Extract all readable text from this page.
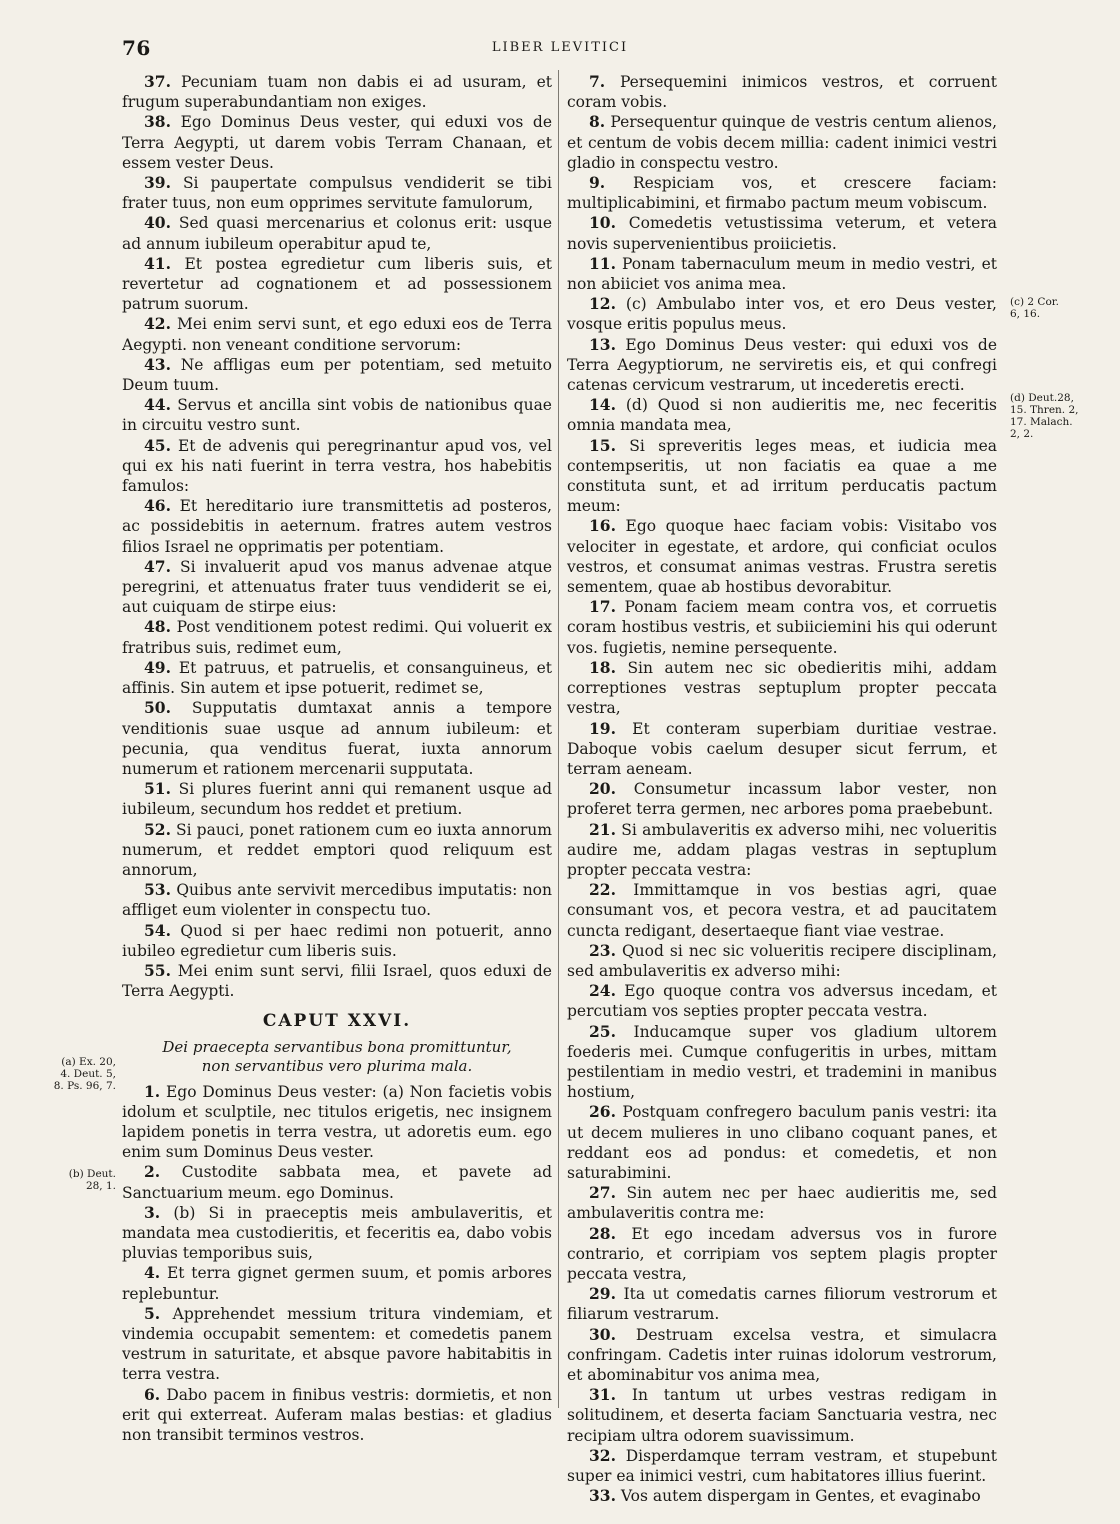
76	LIBER LEVITICI

37. Pecuniam tuam non dabis ei ad usuram, et frugum superabundantiam non exiges.

38. Ego Dominus Deus vester, qui eduxi vos de Terra Aegypti, ut darem vobis Terram Chanaan, et essem vester Deus.

39. Si paupertate compulsus vendiderit se tibi frater tuus, non eum opprimes servitute famulorum,

40. Sed quasi mercenarius et colonus erit: usque ad annum iubileum operabitur apud te,

41. Et postea egredietur cum liberis suis, et revertetur ad cognationem et ad possessionem patrum suorum.

42. Mei enim servi sunt, et ego eduxi eos de Terra Aegypti. non veneant conditione servorum:

43. Ne affligas eum per potentiam, sed metuito Deum tuum.

44. Servus et ancilla sint vobis de nationibus quae in circuitu vestro sunt.

45. Et de advenis qui peregrinantur apud vos, vel qui ex his nati fuerint in terra vestra, hos habebitis famulos:

46. Et hereditario iure transmittetis ad posteros, ac possidebitis in aeternum. fratres autem vestros filios Israel ne opprimatis per potentiam.

47. Si invaluerit apud vos manus advenae atque peregrini, et attenuatus frater tuus vendiderit se ei, aut cuiquam de stirpe eius:

48. Post venditionem potest redimi. Qui voluerit ex fratribus suis, redimet eum,

49. Et patruus, et patruelis, et consanguineus, et affinis. Sin autem et ipse potuerit, redimet se,

50. Supputatis dumtaxat annis a tempore venditionis suae usque ad annum iubileum: et pecunia, qua venditus fuerat, iuxta annorum numerum et rationem mercenarii supputata.

51. Si plures fuerint anni qui remanent usque ad iubileum, secundum hos reddet et pretium.

52. Si pauci, ponet rationem cum eo iuxta annorum numerum, et reddet emptori quod reliquum est annorum,

53. Quibus ante servivit mercedibus imputatis: non affliget eum violenter in conspectu tuo.

54. Quod si per haec redimi non potuerit, anno iubileo egredietur cum liberis suis.

55. Mei enim sunt servi, filii Israel, quos eduxi de Terra Aegypti.

CAPUT XXVI.
Dei praecepta servantibus bona promittuntur,
non servantibus vero plurima mala.

1. Ego Dominus Deus vester: (a) Non facietis vobis idolum et sculptile, nec titulos erigetis, nec insignem lapidem ponetis in terra vestra, ut adoretis eum. ego enim sum Dominus Deus vester.

2. Custodite sabbata mea, et pavete ad Sanctuarium meum. ego Dominus.

3. (b) Si in praeceptis meis ambulaveritis, et mandata mea custodieritis, et feceritis ea, dabo vobis pluvias temporibus suis,

4. Et terra gignet germen suum, et pomis arbores replebuntur.

5. Apprehendet messium tritura vindemiam, et vindemia occupabit sementem: et comedetis panem vestrum in saturitate, et absque pavore habitabitis in terra vestra.

6. Dabo pacem in finibus vestris: dormietis, et non erit qui exterreat. Auferam malas bestias: et gladius non transibit terminos vestros.

7. Persequemini inimicos vestros, et corruent coram vobis.

8. Persequentur quinque de vestris centum alienos, et centum de vobis decem millia: cadent inimici vestri gladio in conspectu vestro.

9. Respiciam vos, et crescere faciam: multiplicabimini, et firmabo pactum meum vobiscum.

10. Comedetis vetustissima veterum, et vetera novis supervenientibus proiicietis.

11. Ponam tabernaculum meum in medio vestri, et non abiiciet vos anima mea.

12. (c) Ambulabo inter vos, et ero Deus vester, vosque eritis populus meus.

13. Ego Dominus Deus vester: qui eduxi vos de Terra Aegyptiorum, ne serviretis eis, et qui confregi catenas cervicum vestrarum, ut incederetis erecti.

14. (d) Quod si non audieritis me, nec feceritis omnia mandata mea,

15. Si spreveritis leges meas, et iudicia mea contempseritis, ut non faciatis ea quae a me constituta sunt, et ad irritum perducatis pactum meum:

16. Ego quoque haec faciam vobis: Visitabo vos velociter in egestate, et ardore, qui conficiat oculos vestros, et consumat animas vestras. Frustra seretis sementem, quae ab hostibus devorabitur.

17. Ponam faciem meam contra vos, et corruetis coram hostibus vestris, et subiiciemini his qui oderunt vos. fugietis, nemine persequente.

18. Sin autem nec sic obedieritis mihi, addam correptiones vestras septuplum propter peccata vestra,

19. Et conteram superbiam duritiae vestrae. Daboque vobis caelum desuper sicut ferrum, et terram aeneam.

20. Consumetur incassum labor vester, non proferet terra germen, nec arbores poma praebebunt.

21. Si ambulaveritis ex adverso mihi, nec volueritis audire me, addam plagas vestras in septuplum propter peccata vestra:

22. Immittamque in vos bestias agri, quae consumant vos, et pecora vestra, et ad paucitatem cuncta redigant, desertaeque fiant viae vestrae.

23. Quod si nec sic volueritis recipere disciplinam, sed ambulaveritis ex adverso mihi:

24. Ego quoque contra vos adversus incedam, et percutiam vos septies propter peccata vestra.

25. Inducamque super vos gladium ultorem foederis mei. Cumque confugeritis in urbes, mittam pestilentiam in medio vestri, et trademini in manibus hostium,

26. Postquam confregero baculum panis vestri: ita ut decem mulieres in uno clibano coquant panes, et reddant eos ad pondus: et comedetis, et non saturabimini.

27. Sin autem nec per haec audieritis me, sed ambulaveritis contra me:

28. Et ego incedam adversus vos in furore contrario, et corripiam vos septem plagis propter peccata vestra,

29. Ita ut comedatis carnes filiorum vestrorum et filiarum vestrarum.

30. Destruam excelsa vestra, et simulacra confringam. Cadetis inter ruinas idolorum vestrorum, et abominabitur vos anima mea,

31. In tantum ut urbes vestras redigam in solitudinem, et deserta faciam Sanctuaria vestra, nec recipiam ultra odorem suavissimum.

32. Disperdamque terram vestram, et stupebunt super ea inimici vestri, cum habitatores illius fuerint.

33. Vos autem dispergam in Gentes, et evaginabo

(a) Ex. 20,
4. Deut. 5,
8. Ps. 96, 7.
(b) Deut.
28, 1.
(c) 2 Cor.
6, 16.
(d) Deut.28,
15. Thren. 2,
17. Malach.
2, 2.
